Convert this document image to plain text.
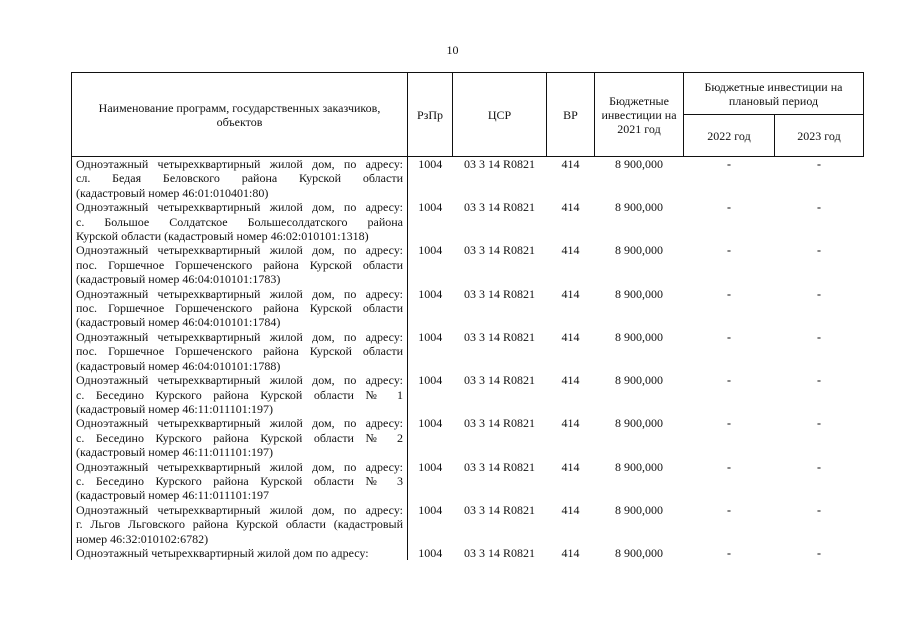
10
Наименование программ, государственных заказчиков, объектов	РзПр	ЦСР	ВР	Бюджетные инвестиции на 2021 год	Бюджетные инвестиции на плановый период	
					2022 год	2023 год

Одноэтажный четырехквартирный жилой дом, по адресу:
сл. Бедая Беловского района Курской области
(кадастровый номер 46:01:010401:80)	1004	03 3 14 R0821	414	8 900,000	-	-

Одноэтажный четырехквартирный жилой дом, по адресу:
с. Большое Солдатское Большесолдатского района
Курской области (кадастровый номер 46:02:010101:1318)	1004	03 3 14 R0821	414	8 900,000	-	-

Одноэтажный четырехквартирный жилой дом, по адресу:
пос. Горшечное Горшеченского района Курской области
(кадастровый номер 46:04:010101:1783)	1004	03 3 14 R0821	414	8 900,000	-	-

Одноэтажный четырехквартирный жилой дом, по адресу:
пос. Горшечное Горшеченского района Курской области
(кадастровый номер 46:04:010101:1784)	1004	03 3 14 R0821	414	8 900,000	-	-

Одноэтажный четырехквартирный жилой дом, по адресу:
пос. Горшечное Горшеченского района Курской области
(кадастровый номер 46:04:010101:1788)	1004	03 3 14 R0821	414	8 900,000	-	-

Одноэтажный четырехквартирный жилой дом, по адресу:
с. Беседино Курского района Курской области № 1
(кадастровый номер 46:11:011101:197)	1004	03 3 14 R0821	414	8 900,000	-	-

Одноэтажный четырехквартирный жилой дом, по адресу:
с. Беседино Курского района Курской области № 2
(кадастровый номер 46:11:011101:197)	1004	03 3 14 R0821	414	8 900,000	-	-

Одноэтажный четырехквартирный жилой дом, по адресу:
с. Беседино Курского района Курской области № 3
(кадастровый номер 46:11:011101:197	1004	03 3 14 R0821	414	8 900,000	-	-

Одноэтажный четырехквартирный жилой дом, по адресу:
г. Льгов Льговского района Курской области (кадастровый
номер 46:32:010102:6782)	1004	03 3 14 R0821	414	8 900,000	-	-

Одноэтажный четырехквартирный жилой дом по адресу:	1004	03 3 14 R0821	414	8 900,000	-	-
